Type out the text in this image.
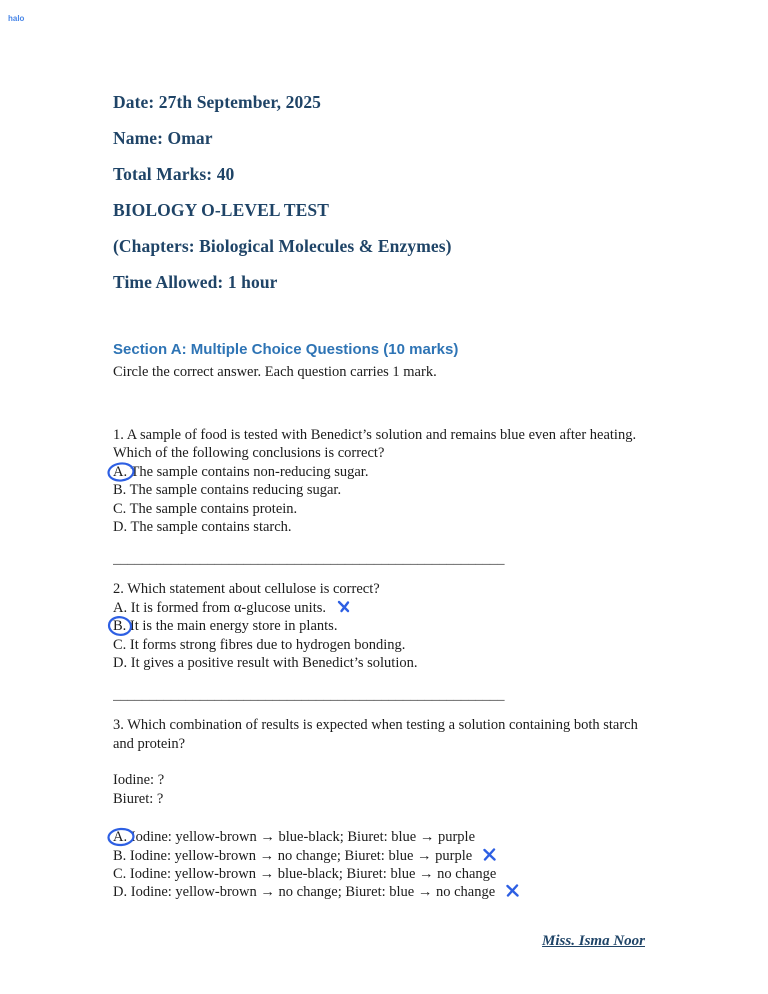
halo
Date: 27th September, 2025
Name: Omar
Total Marks: 40
BIOLOGY O-LEVEL TEST
(Chapters: Biological Molecules & Enzymes)
Time Allowed: 1 hour
Section A: Multiple Choice Questions (10 marks)
Circle the correct answer. Each question carries 1 mark.
1. A sample of food is tested with Benedict’s solution and remains blue even after heating. Which of the following conclusions is correct?
A. The sample contains non-reducing sugar.
B. The sample contains reducing sugar.
C. The sample contains protein.
D. The sample contains starch.
______________________________________________________
2. Which statement about cellulose is correct?
A. It is formed from α-glucose units.
B. It is the main energy store in plants.
C. It forms strong fibres due to hydrogen bonding.
D. It gives a positive result with Benedict’s solution.
______________________________________________________
3. Which combination of results is expected when testing a solution containing both starch and protein?
Iodine: ?
Biuret: ?
A. Iodine: yellow-brown → blue-black; Biuret: blue → purple
B. Iodine: yellow-brown → no change; Biuret: blue → purple
C. Iodine: yellow-brown → blue-black; Biuret: blue → no change
D. Iodine: yellow-brown → no change; Biuret: blue → no change
Miss. Isma Noor
